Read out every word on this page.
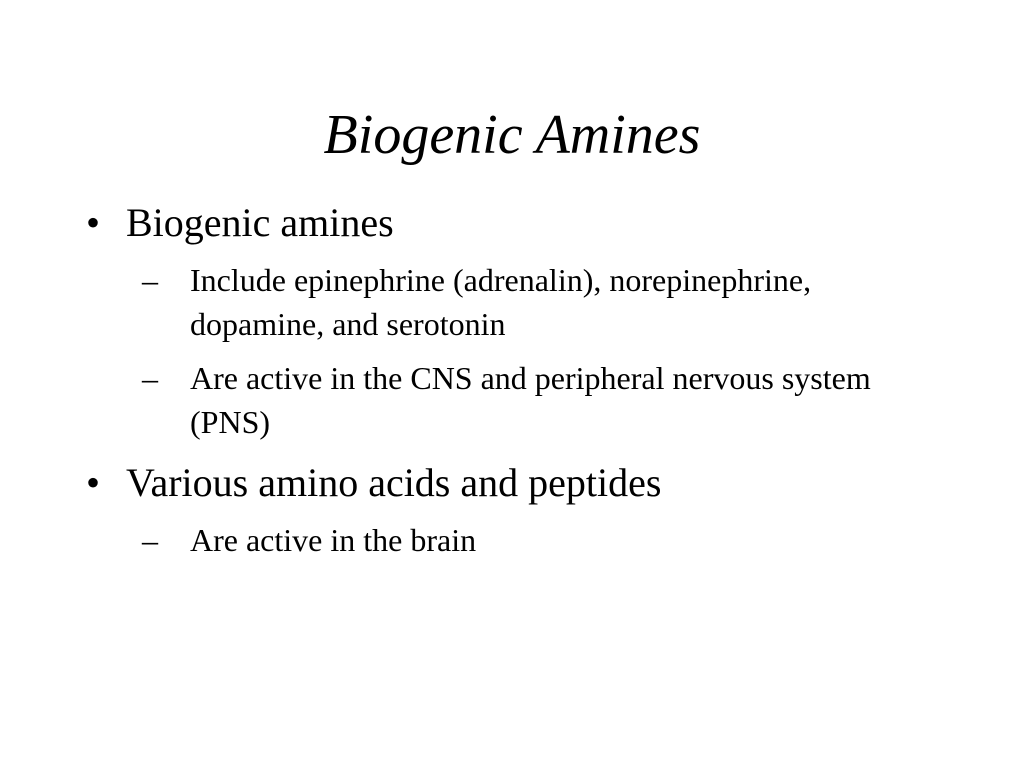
Biogenic Amines
• Biogenic amines
–	Include epinephrine (adrenalin), norepinephrine, dopamine, and serotonin
–	Are active in the CNS and peripheral nervous system (PNS)
• Various amino acids and peptides
–	Are active in the brain
